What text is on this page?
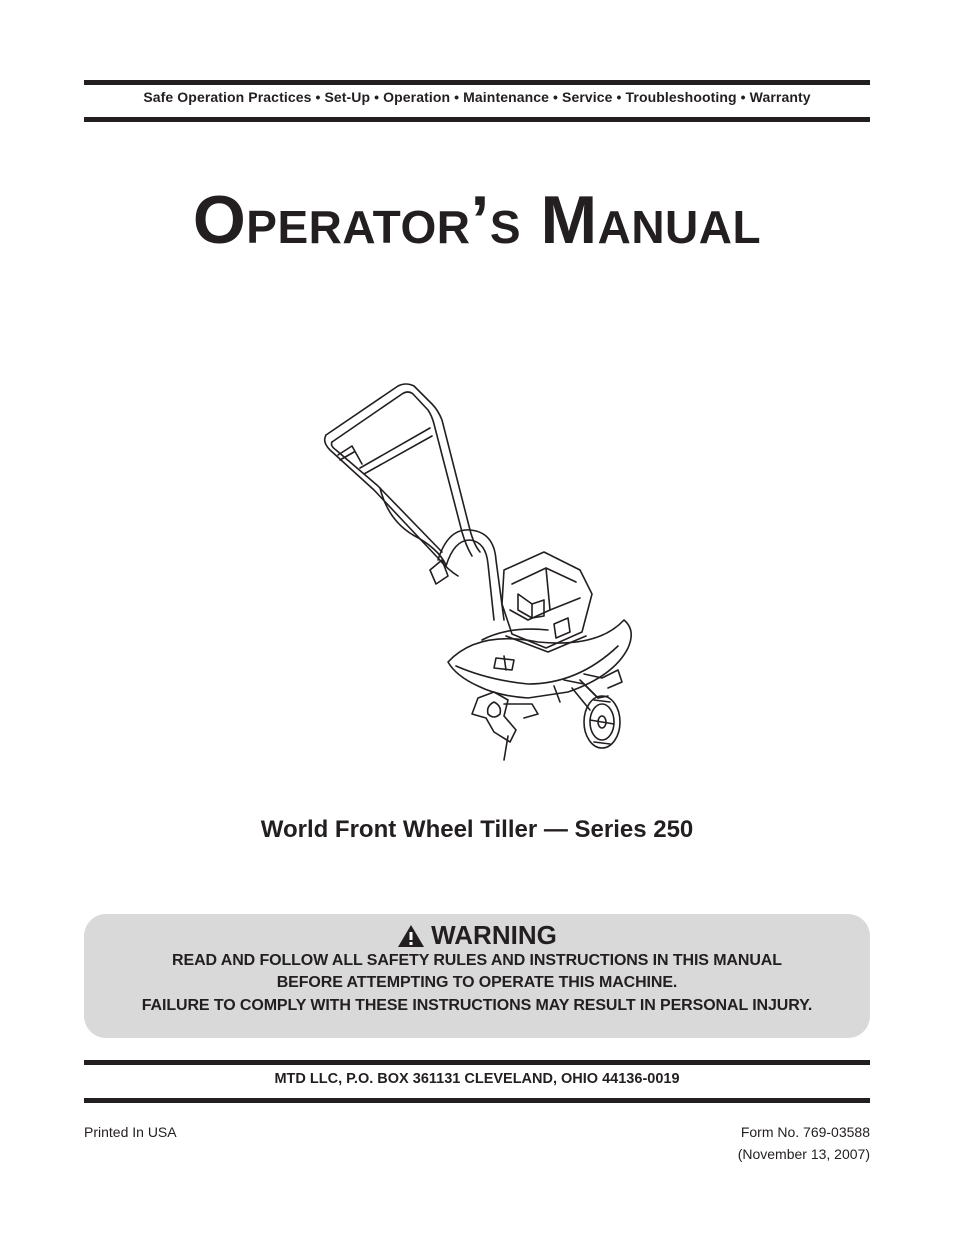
Safe Operation Practices • Set-Up • Operation • Maintenance • Service • Troubleshooting • Warranty
OPERATOR’S MANUAL
World Front Wheel Tiller — Series 250
WARNING
READ AND FOLLOW ALL SAFETY RULES AND INSTRUCTIONS IN THIS MANUAL
BEFORE ATTEMPTING TO OPERATE THIS MACHINE.
FAILURE TO COMPLY WITH THESE INSTRUCTIONS MAY RESULT IN PERSONAL INJURY.
MTD LLC, P.O. BOX 361131 CLEVELAND, OHIO 44136-0019
Printed In USA	Form No. 769-03588
(November 13, 2007)
